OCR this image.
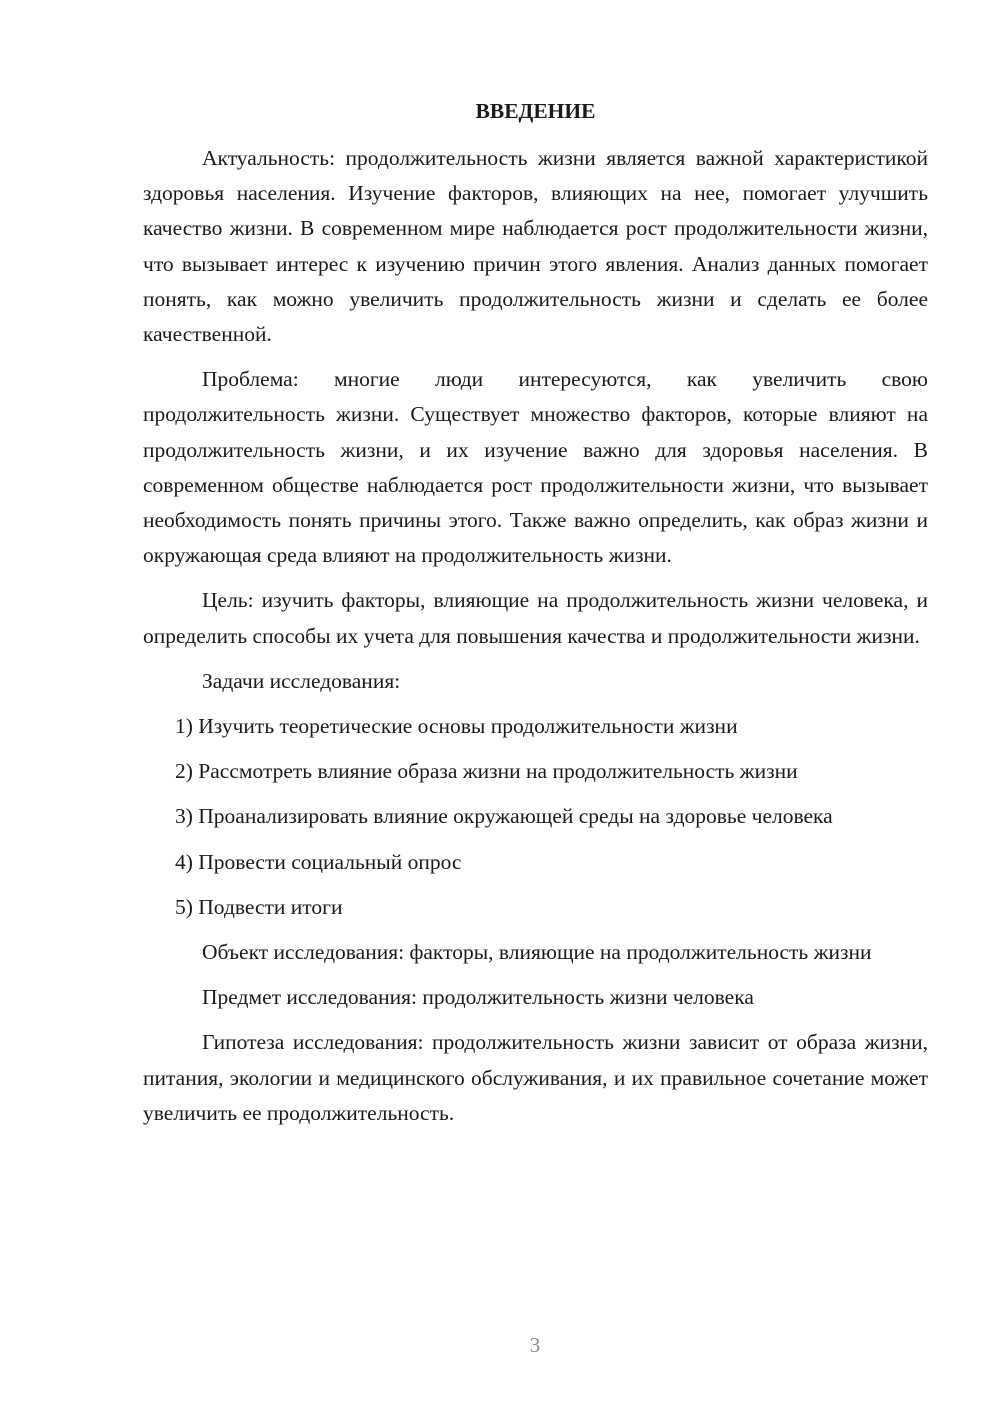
ВВЕДЕНИЕ

Актуальность: продолжительность жизни является важной характеристикой здоровья населения. Изучение факторов, влияющих на нее, помогает улучшить качество жизни. В современном мире наблюдается рост продолжительности жизни, что вызывает интерес к изучению причин этого явления. Анализ данных помогает понять, как можно увеличить продолжительность жизни и сделать ее более качественной.

Проблема: многие люди интересуются, как увеличить свою продолжительность жизни. Существует множество факторов, которые влияют на продолжительность жизни, и их изучение важно для здоровья населения. В современном обществе наблюдается рост продолжительности жизни, что вызывает необходимость понять причины этого. Также важно определить, как образ жизни и окружающая среда влияют на продолжительность жизни.

Цель: изучить факторы, влияющие на продолжительность жизни человека, и определить способы их учета для повышения качества и продолжительности жизни.

Задачи исследования:

1) Изучить теоретические основы продолжительности жизни

2) Рассмотреть влияние образа жизни на продолжительность жизни

3) Проанализировать влияние окружающей среды на здоровье человека

4) Провести социальный опрос

5) Подвести итоги

Объект исследования: факторы, влияющие на продолжительность жизни

Предмет исследования: продолжительность жизни человека

Гипотеза исследования: продолжительность жизни зависит от образа жизни, питания, экологии и медицинского обслуживания, и их правильное сочетание может увеличить ее продолжительность.

3
